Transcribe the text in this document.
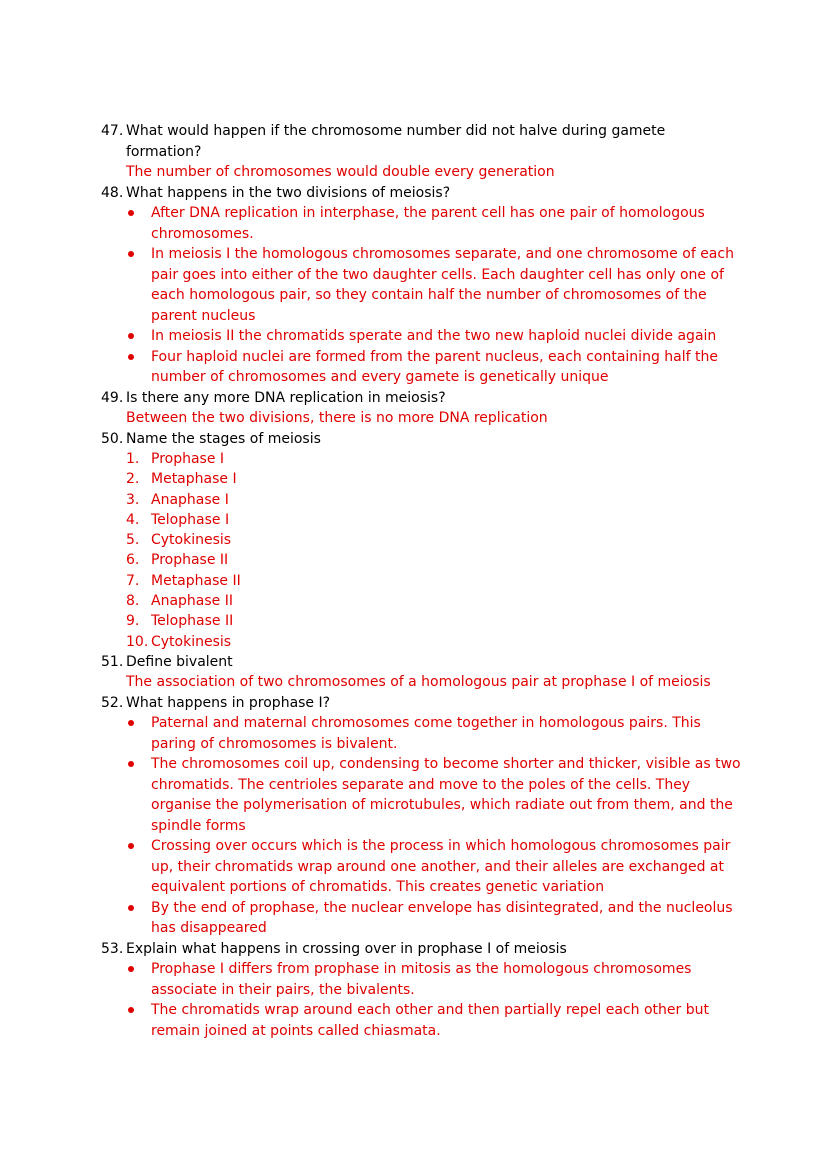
47. What would happen if the chromosome number did not halve during gamete formation?
The number of chromosomes would double every generation
48. What happens in the two divisions of meiosis?
After DNA replication in interphase, the parent cell has one pair of homologous chromosomes.
In meiosis I the homologous chromosomes separate, and one chromosome of each pair goes into either of the two daughter cells. Each daughter cell has only one of each homologous pair, so they contain half the number of chromosomes of the parent nucleus
In meiosis II the chromatids sperate and the two new haploid nuclei divide again
Four haploid nuclei are formed from the parent nucleus, each containing half the number of chromosomes and every gamete is genetically unique
49. Is there any more DNA replication in meiosis?
Between the two divisions, there is no more DNA replication
50. Name the stages of meiosis
1. Prophase I
2. Metaphase I
3. Anaphase I
4. Telophase I
5. Cytokinesis
6. Prophase II
7. Metaphase II
8. Anaphase II
9. Telophase II
10. Cytokinesis
51. Define bivalent
The association of two chromosomes of a homologous pair at prophase I of meiosis
52. What happens in prophase I?
Paternal and maternal chromosomes come together in homologous pairs. This paring of chromosomes is bivalent.
The chromosomes coil up, condensing to become shorter and thicker, visible as two chromatids. The centrioles separate and move to the poles of the cells. They organise the polymerisation of microtubules, which radiate out from them, and the spindle forms
Crossing over occurs which is the process in which homologous chromosomes pair up, their chromatids wrap around one another, and their alleles are exchanged at equivalent portions of chromatids. This creates genetic variation
By the end of prophase, the nuclear envelope has disintegrated, and the nucleolus has disappeared
53. Explain what happens in crossing over in prophase I of meiosis
Prophase I differs from prophase in mitosis as the homologous chromosomes associate in their pairs, the bivalents.
The chromatids wrap around each other and then partially repel each other but remain joined at points called chiasmata.
